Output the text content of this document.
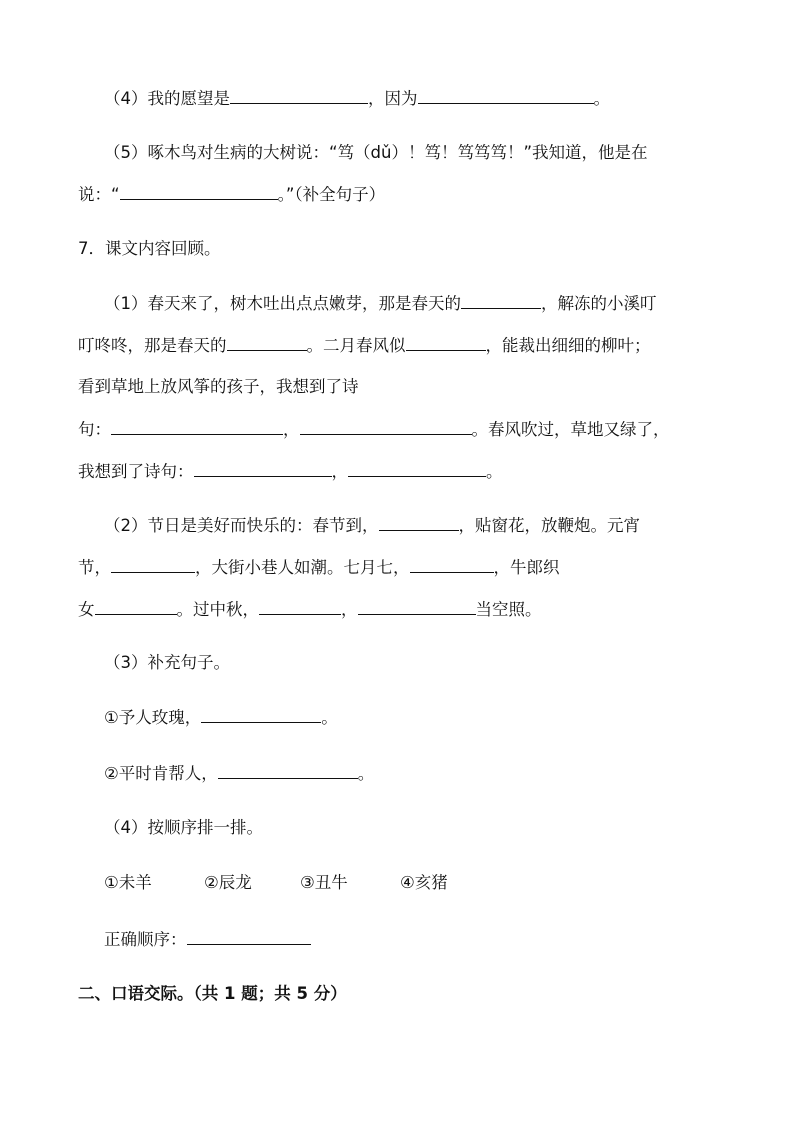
（4）我的愿望是	，因为	。
（5）啄木鸟对生病的大树说：“笃（dǔ）！笃！笃笃笃！”我知道，他是在
说：“	。”（补全句子）
7．课文内容回顾。
（1）春天来了，树木吐出点点嫩芽，那是春天的	，解冻的小溪叮
叮咚咚，那是春天的	。二月春风似	，能裁出细细的柳叶；
看到草地上放风筝的孩子，我想到了诗
句：	，	。春风吹过，草地又绿了，
我想到了诗句：	，	。
（2）节日是美好而快乐的：春节到，	，贴窗花，放鞭炮。元宵
节，	，大街小巷人如潮。七月七，	，牛郎织
女	。过中秋，	，	当空照。
（3）补充句子。
①予人玫瑰，	。
②平时肯帮人，	。
（4）按顺序排一排。
①未羊	②辰龙	③丑牛	④亥猪
正确顺序：
二、口语交际。（共 1 题；共 5 分）
